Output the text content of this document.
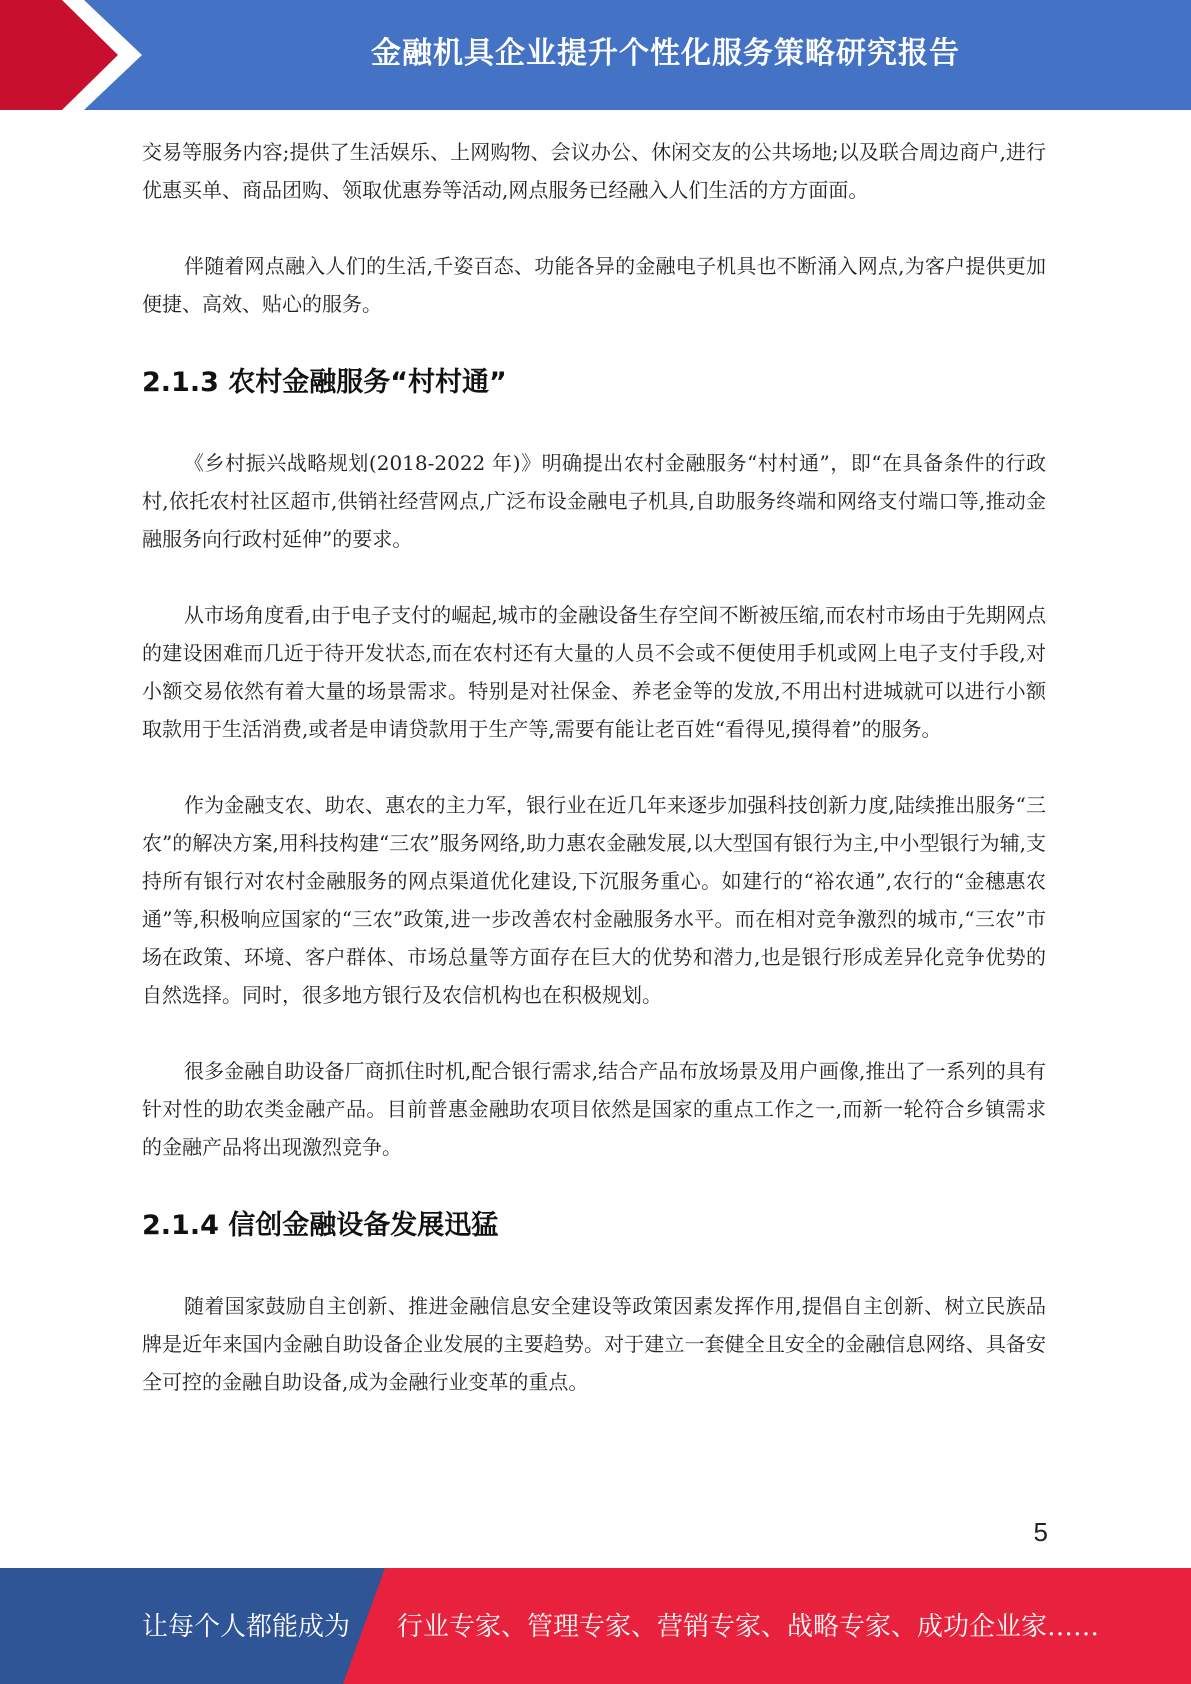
金融机具企业提升个性化服务策略研究报告

交易等服务内容;提供了生活娱乐、上网购物、会议办公、休闲交友的公共场地;以及联合周边商户,进行优惠买单、商品团购、领取优惠券等活动,网点服务已经融入人们生活的方方面面。

伴随着网点融入人们的生活,千姿百态、功能各异的金融电子机具也不断涌入网点,为客户提供更加便捷、高效、贴心的服务。

2.1.3 农村金融服务“村村通”

《乡村振兴战略规划(2018-2022 年)》明确提出农村金融服务“村村通”，即“在具备条件的行政村,依托农村社区超市,供销社经营网点,广泛布设金融电子机具,自助服务终端和网络支付端口等,推动金融服务向行政村延伸”的要求。

从市场角度看,由于电子支付的崛起,城市的金融设备生存空间不断被压缩,而农村市场由于先期网点的建设困难而几近于待开发状态,而在农村还有大量的人员不会或不便使用手机或网上电子支付手段,对小额交易依然有着大量的场景需求。特别是对社保金、养老金等的发放,不用出村进城就可以进行小额取款用于生活消费,或者是申请贷款用于生产等,需要有能让老百姓“看得见,摸得着”的服务。

作为金融支农、助农、惠农的主力军，银行业在近几年来逐步加强科技创新力度,陆续推出服务“三农”的解决方案,用科技构建“三农”服务网络,助力惠农金融发展,以大型国有银行为主,中小型银行为辅,支持所有银行对农村金融服务的网点渠道优化建设,下沉服务重心。如建行的“裕农通”,农行的“金穗惠农通”等,积极响应国家的“三农”政策,进一步改善农村金融服务水平。而在相对竞争激烈的城市,“三农”市场在政策、环境、客户群体、市场总量等方面存在巨大的优势和潜力,也是银行形成差异化竞争优势的自然选择。同时，很多地方银行及农信机构也在积极规划。

很多金融自助设备厂商抓住时机,配合银行需求,结合产品布放场景及用户画像,推出了一系列的具有针对性的助农类金融产品。目前普惠金融助农项目依然是国家的重点工作之一,而新一轮符合乡镇需求的金融产品将出现激烈竞争。

2.1.4 信创金融设备发展迅猛

随着国家鼓励自主创新、推进金融信息安全建设等政策因素发挥作用,提倡自主创新、树立民族品牌是近年来国内金融自助设备企业发展的主要趋势。对于建立一套健全且安全的金融信息网络、具备安全可控的金融自助设备,成为金融行业变革的重点。

5
让每个人都能成为 行业专家、管理专家、营销专家、战略专家、成功企业家……
